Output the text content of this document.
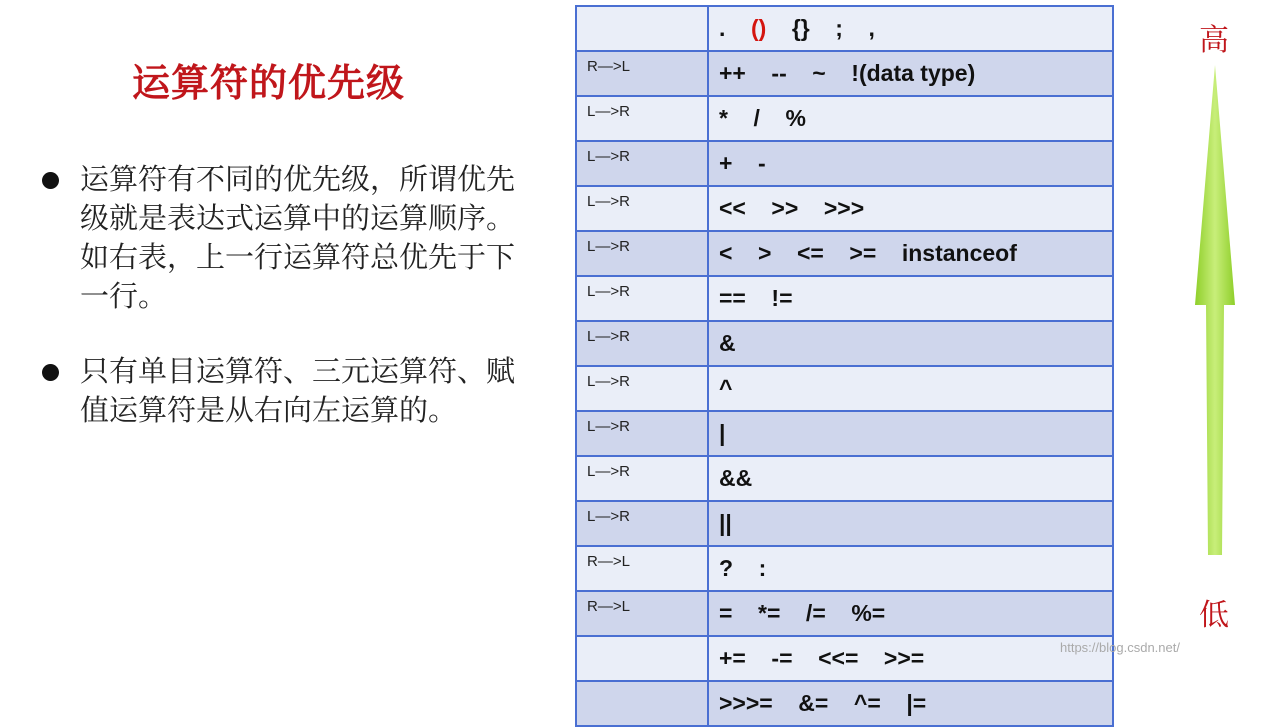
运算符的优先级
运算符有不同的优先级，所谓优先级就是表达式运算中的运算顺序。如右表，上一行运算符总优先于下一行。
只有单目运算符、三元运算符、赋值运算符是从右向左运算的。
	.    ()    {}    ;    ,
R—>L	++    --    ~    !(data type)
L—>R	*    /    %
L—>R	+    -
L—>R	<<    >>    >>>
L—>R	<    >    <=    >=    instanceof
L—>R	==    !=
L—>R	&
L—>R	^
L—>R	|
L—>R	&&
L—>R	||
R—>L	?    :
R—>L	=    *=    /=    %=
	+=    -=    <<=    >>=
	>>>=    &=    ^=    |=
高
低
https://blog.csdn.net/
